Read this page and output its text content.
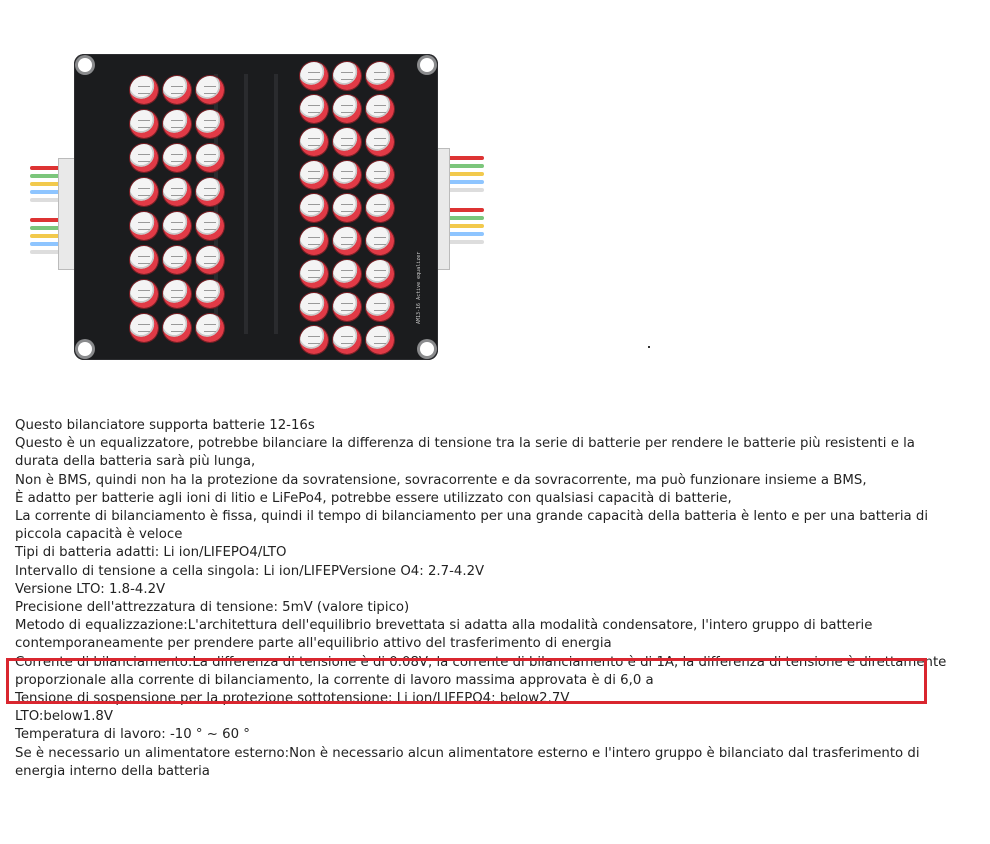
AM13-16 Active equalizer

Questo bilanciatore supporta batterie 12-16s

Questo è un equalizzatore, potrebbe bilanciare la differenza di tensione tra la serie di batterie per rendere le batterie più resistenti e la durata della batteria sarà più lunga,

Non è BMS, quindi non ha la protezione da sovratensione, sovracorrente e da sovracorrente, ma può funzionare insieme a BMS,

È adatto per batterie agli ioni di litio e LiFePo4, potrebbe essere utilizzato con qualsiasi capacità di batterie,

La corrente di bilanciamento è fissa, quindi il tempo di bilanciamento per una grande capacità della batteria è lento e per una batteria di piccola capacità è veloce

Tipi di batteria adatti: Li ion/LIFEPO4/LTO

Intervallo di tensione a cella singola: Li ion/LIFEPVersione O4: 2.7-4.2V

Versione LTO: 1.8-4.2V

Precisione dell'attrezzatura di tensione: 5mV (valore tipico)

Metodo di equalizzazione:L'architettura dell'equilibrio brevettata si adatta alla modalità condensatore, l'intero gruppo di batterie contemporaneamente per prendere parte all'equilibrio attivo del trasferimento di energia

Corrente di bilanciamento:La differenza di tensione è di 0.08V, la corrente di bilanciamento è di 1A, la differenza di tensione è direttamente proporzionale alla corrente di bilanciamento, la corrente di lavoro massima approvata è di 6,0 a

Tensione di sospensione per la protezione sottotensione: Li ion/LIFEPO4: below2.7V

LTO:below1.8V

Temperatura di lavoro: -10 ° ~ 60 °

Se è necessario un alimentatore esterno:Non è necessario alcun alimentatore esterno e l'intero gruppo è bilanciato dal trasferimento di energia interno della batteria
